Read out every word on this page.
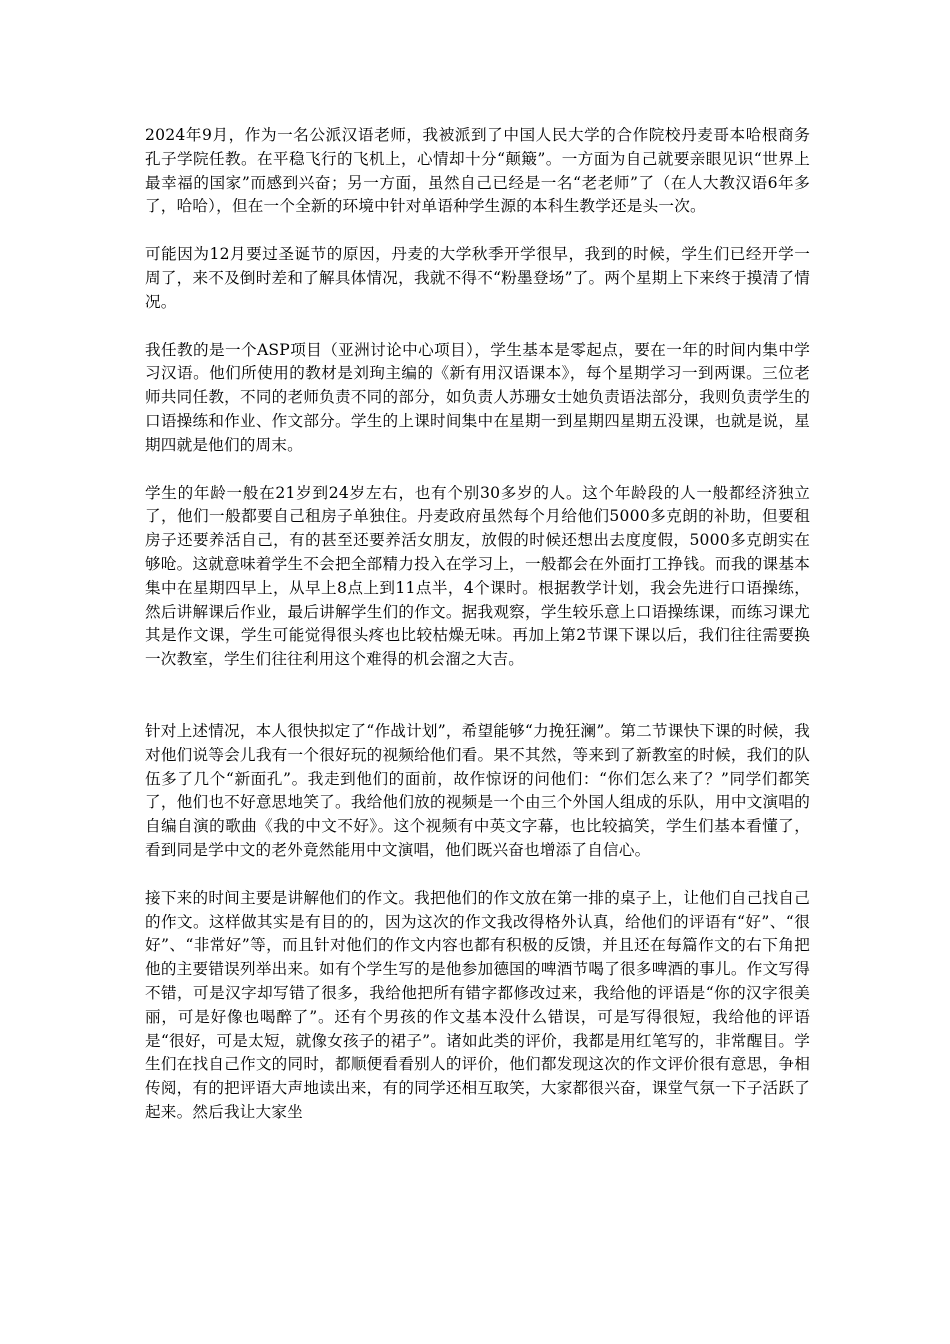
2024年9月，作为一名公派汉语老师，我被派到了中国人民大学的合作院校丹麦哥本哈根商务孔子学院任教。在平稳飞行的飞机上，心情却十分“颠簸”。一方面为自己就要亲眼见识“世界上最幸福的国家”而感到兴奋；另一方面，虽然自己已经是一名“老老师”了（在人大教汉语6年多了，哈哈），但在一个全新的环境中针对单语种学生源的本科生教学还是头一次。

可能因为12月要过圣诞节的原因，丹麦的大学秋季开学很早，我到的时候，学生们已经开学一周了，来不及倒时差和了解具体情况，我就不得不“粉墨登场”了。两个星期上下来终于摸清了情况。

我任教的是一个ASP项目（亚洲讨论中心项目），学生基本是零起点，要在一年的时间内集中学习汉语。他们所使用的教材是刘珣主编的《新有用汉语课本》，每个星期学习一到两课。三位老师共同任教，不同的老师负责不同的部分，如负责人苏珊女士她负责语法部分，我则负责学生的口语操练和作业、作文部分。学生的上课时间集中在星期一到星期四星期五没课，也就是说，星期四就是他们的周末。

学生的年龄一般在21岁到24岁左右，也有个别30多岁的人。这个年龄段的人一般都经济独立了，他们一般都要自己租房子单独住。丹麦政府虽然每个月给他们5000多克朗的补助，但要租房子还要养活自己，有的甚至还要养活女朋友，放假的时候还想出去度度假，5000多克朗实在够呛。这就意味着学生不会把全部精力投入在学习上，一般都会在外面打工挣钱。而我的课基本集中在星期四早上，从早上8点上到11点半，4个课时。根据教学计划，我会先进行口语操练，然后讲解课后作业，最后讲解学生们的作文。据我观察，学生较乐意上口语操练课，而练习课尤其是作文课，学生可能觉得很头疼也比较枯燥无味。再加上第2节课下课以后，我们往往需要换一次教室，学生们往往利用这个难得的机会溜之大吉。

针对上述情况，本人很快拟定了“作战计划”，希望能够“力挽狂澜”。第二节课快下课的时候，我对他们说等会儿我有一个很好玩的视频给他们看。果不其然，等来到了新教室的时候，我们的队伍多了几个“新面孔”。我走到他们的面前，故作惊讶的问他们：“你们怎么来了？”同学们都笑了，他们也不好意思地笑了。我给他们放的视频是一个由三个外国人组成的乐队，用中文演唱的自编自演的歌曲《我的中文不好》。这个视频有中英文字幕，也比较搞笑，学生们基本看懂了，看到同是学中文的老外竟然能用中文演唱，他们既兴奋也增添了自信心。

接下来的时间主要是讲解他们的作文。我把他们的作文放在第一排的桌子上，让他们自己找自己的作文。这样做其实是有目的的，因为这次的作文我改得格外认真，给他们的评语有“好”、“很好”、“非常好”等，而且针对他们的作文内容也都有积极的反馈，并且还在每篇作文的右下角把他的主要错误列举出来。如有个学生写的是他参加德国的啤酒节喝了很多啤酒的事儿。作文写得不错，可是汉字却写错了很多，我给他把所有错字都修改过来，我给他的评语是“你的汉字很美丽，可是好像也喝醉了”。还有个男孩的作文基本没什么错误，可是写得很短，我给他的评语是“很好，可是太短，就像女孩子的裙子”。诸如此类的评价，我都是用红笔写的，非常醒目。学生们在找自己作文的同时，都顺便看看别人的评价，他们都发现这次的作文评价很有意思，争相传阅，有的把评语大声地读出来，有的同学还相互取笑，大家都很兴奋，课堂气氛一下子活跃了起来。然后我让大家坐
